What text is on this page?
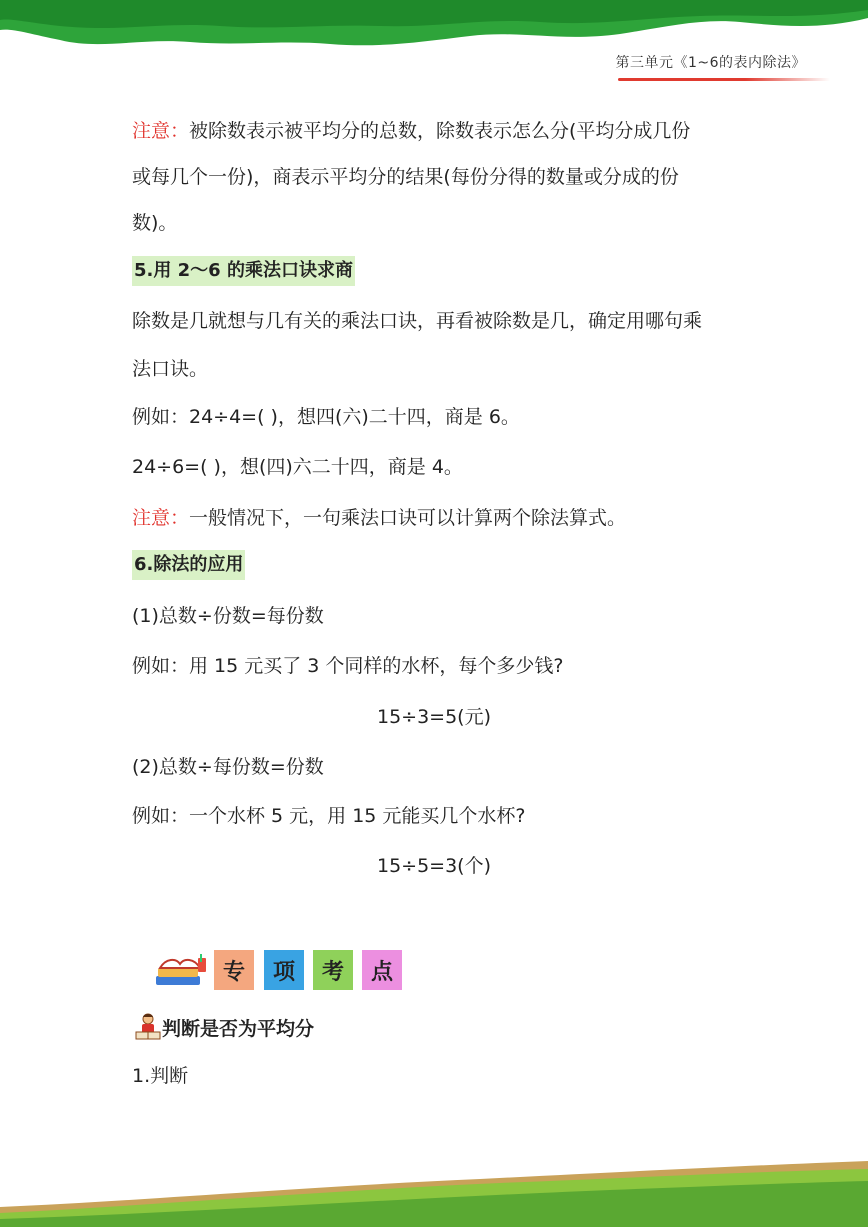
第三单元《1~6的表内除法》

注意：被除数表示被平均分的总数，除数表示怎么分(平均分成几份

或每几个一份)，商表示平均分的结果(每份分得的数量或分成的份

数)。

5.用 2～6 的乘法口诀求商
除数是几就想与几有关的乘法口诀，再看被除数是几，确定用哪句乘
法口诀。
例如：24÷4=( )，想四(六)二十四，商是 6。
24÷6=( )，想(四)六二十四，商是 4。
注意：一般情况下，一句乘法口诀可以计算两个除法算式。
6.除法的应用
(1)总数÷份数=每份数
例如：用 15 元买了 3 个同样的水杯，每个多少钱?
15÷3=5(元)
(2)总数÷每份数=份数
例如：一个水杯 5 元，用 15 元能买几个水杯?
15÷5=3(个)
专	项	考	点
判断是否为平均分
1.判断
